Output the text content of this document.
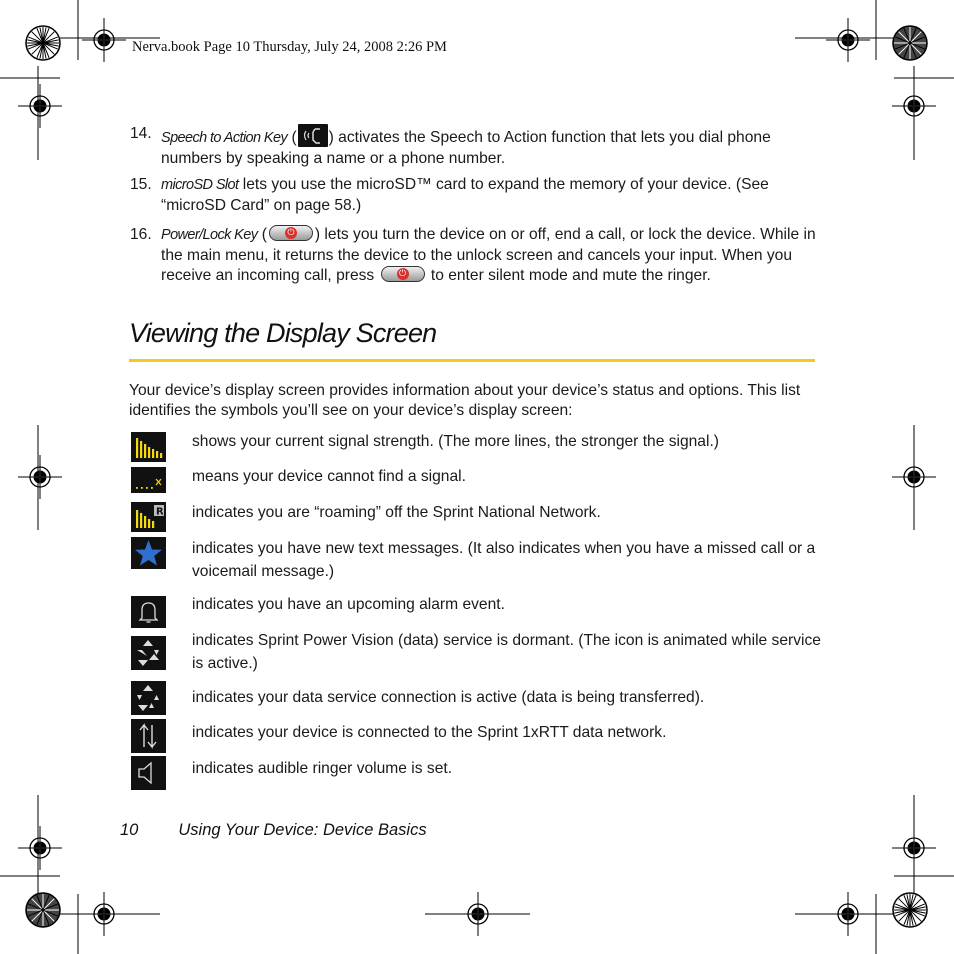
Nerva.book Page 10 Thursday, July 24, 2008 2:26 PM
14. Speech to Action Key ( ) activates the Speech to Action function that lets you dial phone numbers by speaking a name or a phone number.
15. microSD Slot lets you use the microSD™ card to expand the memory of your device. (See “microSD Card” on page 58.)
16. Power/Lock Key ( ⏻ ) lets you turn the device on or off, end a call, or lock the device. While in the main menu, it returns the device to the unlock screen and cancels your input. When you receive an incoming call, press ⏻ to enter silent mode and mute the ringer.
Viewing the Display Screen
Your device’s display screen provides information about your device’s status and options. This list identifies the symbols you’ll see on your device’s display screen:
R
shows your current signal strength. (The more lines, the stronger the signal.)
means your device cannot find a signal.
indicates you are “roaming” off the Sprint National Network.
indicates you have new text messages. (It also indicates when you have a missed call or a voicemail message.)
indicates you have an upcoming alarm event.
indicates Sprint Power Vision (data) service is dormant. (The icon is animated while service is active.)
indicates your data service connection is active (data is being transferred).
indicates your device is connected to the Sprint 1xRTT data network.
indicates audible ringer volume is set.
10 Using Your Device: Device Basics
